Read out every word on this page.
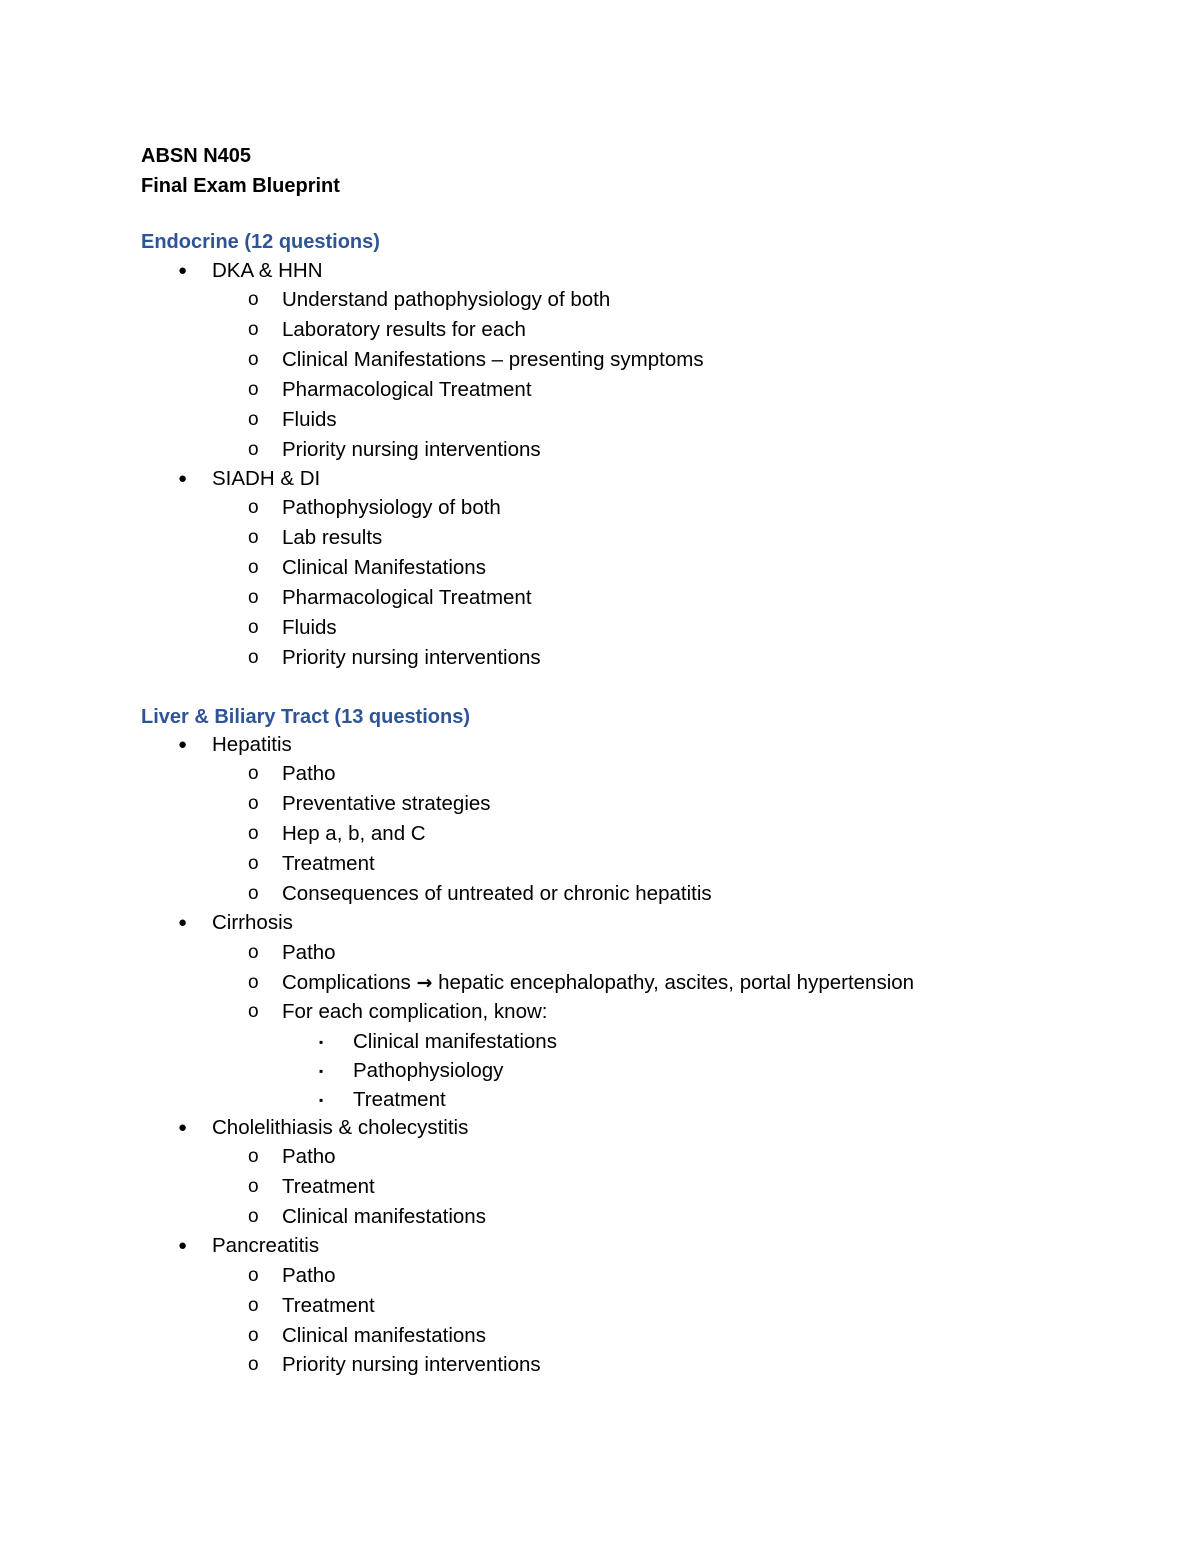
ABSN N405
Final Exam Blueprint
Endocrine (12 questions)
● DKA & HHN
o Understand pathophysiology of both
o Laboratory results for each
o Clinical Manifestations – presenting symptoms
o Pharmacological Treatment
o Fluids
o Priority nursing interventions
● SIADH & DI
o Pathophysiology of both
o Lab results
o Clinical Manifestations
o Pharmacological Treatment
o Fluids
o Priority nursing interventions
Liver & Biliary Tract (13 questions)
● Hepatitis
o Patho
o Preventative strategies
o Hep a, b, and C
o Treatment
o Consequences of untreated or chronic hepatitis
● Cirrhosis
o Patho
o Complications → hepatic encephalopathy, ascites, portal hypertension
o For each complication, know:
▪ Clinical manifestations
▪ Pathophysiology
▪ Treatment
● Cholelithiasis & cholecystitis
o Patho
o Treatment
o Clinical manifestations
● Pancreatitis
o Patho
o Treatment
o Clinical manifestations
o Priority nursing interventions
